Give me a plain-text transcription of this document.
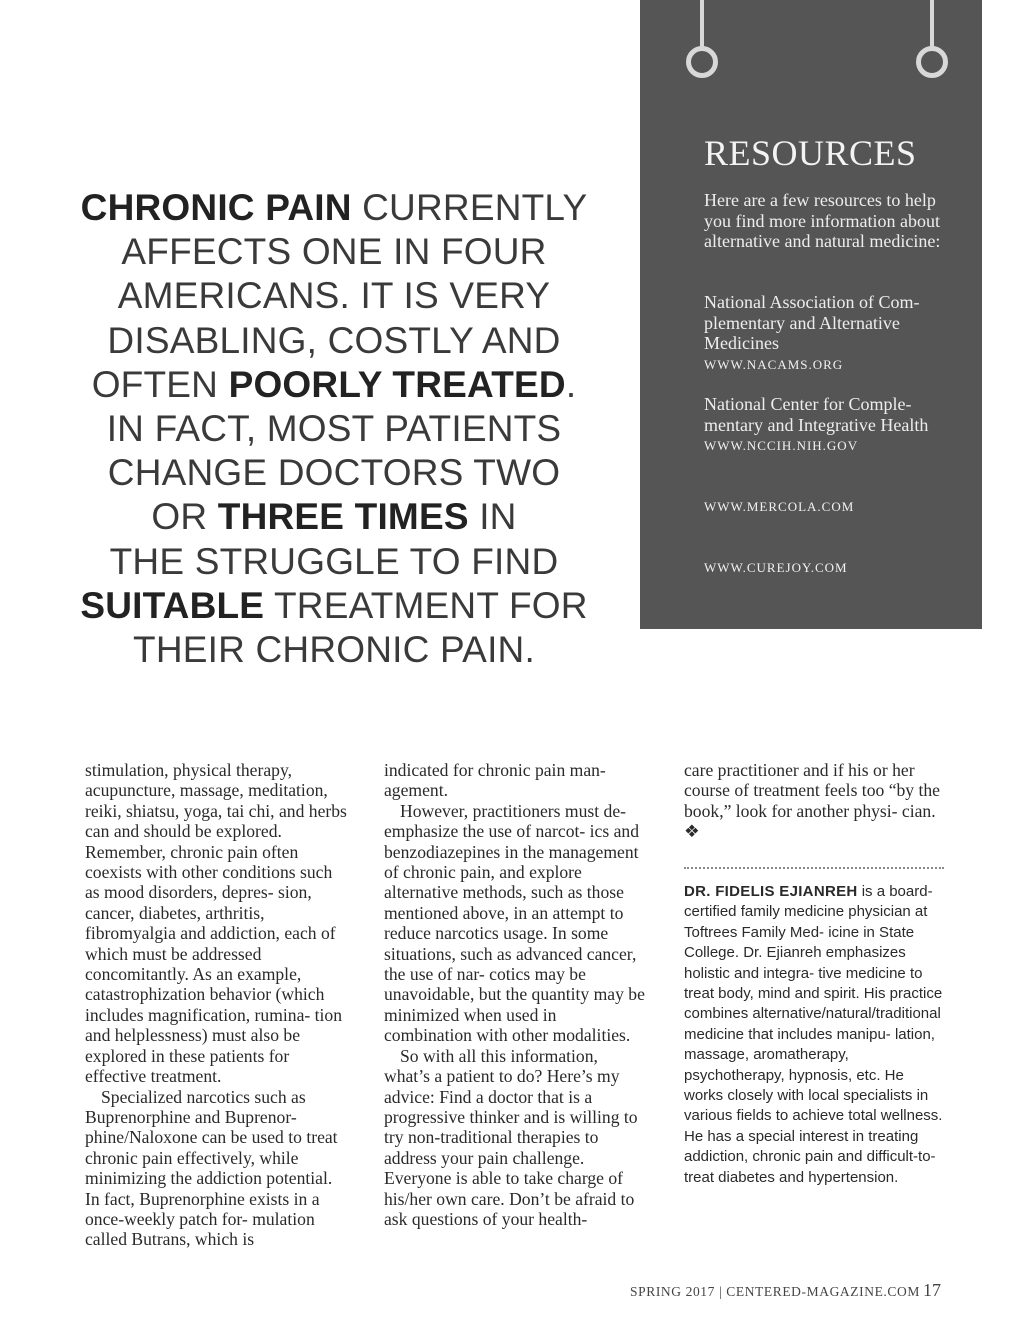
CHRONIC PAIN CURRENTLY
AFFECTS ONE IN FOUR
AMERICANS. IT IS VERY
DISABLING, COSTLY AND
OFTEN POORLY TREATED.
IN FACT, MOST PATIENTS
CHANGE DOCTORS TWO
OR THREE TIMES IN
THE STRUGGLE TO FIND
SUITABLE TREATMENT FOR
THEIR CHRONIC PAIN.
RESOURCES
Here are a few resources to help you find more information about alternative and natural medicine:
National Association of Com- plementary and Alternative Medicines
WWW.NACAMS.ORG
National Center for Comple- mentary and Integrative Health
WWW.NCCIH.NIH.GOV
WWW.MERCOLA.COM
WWW.CUREJOY.COM

stimulation, physical therapy, acupuncture, massage, meditation, reiki, shiatsu, yoga, tai chi, and herbs can and should be explored. Remember, chronic pain often coexists with other conditions such as mood disorders, depres- sion, cancer, diabetes, arthritis, fibromyalgia and addiction, each of which must be addressed concomitantly. As an example, catastrophization behavior (which includes magnification, rumina- tion and helplessness) must also be explored in these patients for effective treatment.

Specialized narcotics such as Buprenorphine and Buprenor- phine/Naloxone can be used to treat chronic pain effectively, while minimizing the addiction potential. In fact, Buprenorphine exists in a once-weekly patch for- mulation called Butrans, which is

indicated for chronic pain man- agement.

However, practitioners must de-emphasize the use of narcot- ics and benzodiazepines in the management of chronic pain, and explore alternative methods, such as those mentioned above, in an attempt to reduce narcotics usage. In some situations, such as advanced cancer, the use of nar- cotics may be unavoidable, but the quantity may be minimized when used in combination with other modalities.

So with all this information, what’s a patient to do? Here’s my advice: Find a doctor that is a progressive thinker and is willing to try non-traditional therapies to address your pain challenge. Everyone is able to take charge of his/her own care. Don’t be afraid to ask questions of your health-

care practitioner and if his or her course of treatment feels too “by the book,” look for another physi- cian. ❖

DR. FIDELIS EJIANREH is a board-certified family medicine physician at Toftrees Family Med- icine in State College. Dr. Ejianreh emphasizes holistic and integra- tive medicine to treat body, mind and spirit. His practice combines alternative/natural/traditional medicine that includes manipu- lation, massage, aromatherapy, psychotherapy, hypnosis, etc. He works closely with local specialists in various fields to achieve total wellness. He has a special interest in treating addiction, chronic pain and difficult-to-treat diabetes and hypertension.
SPRING 2017 | CENTERED-MAGAZINE.COM 17
